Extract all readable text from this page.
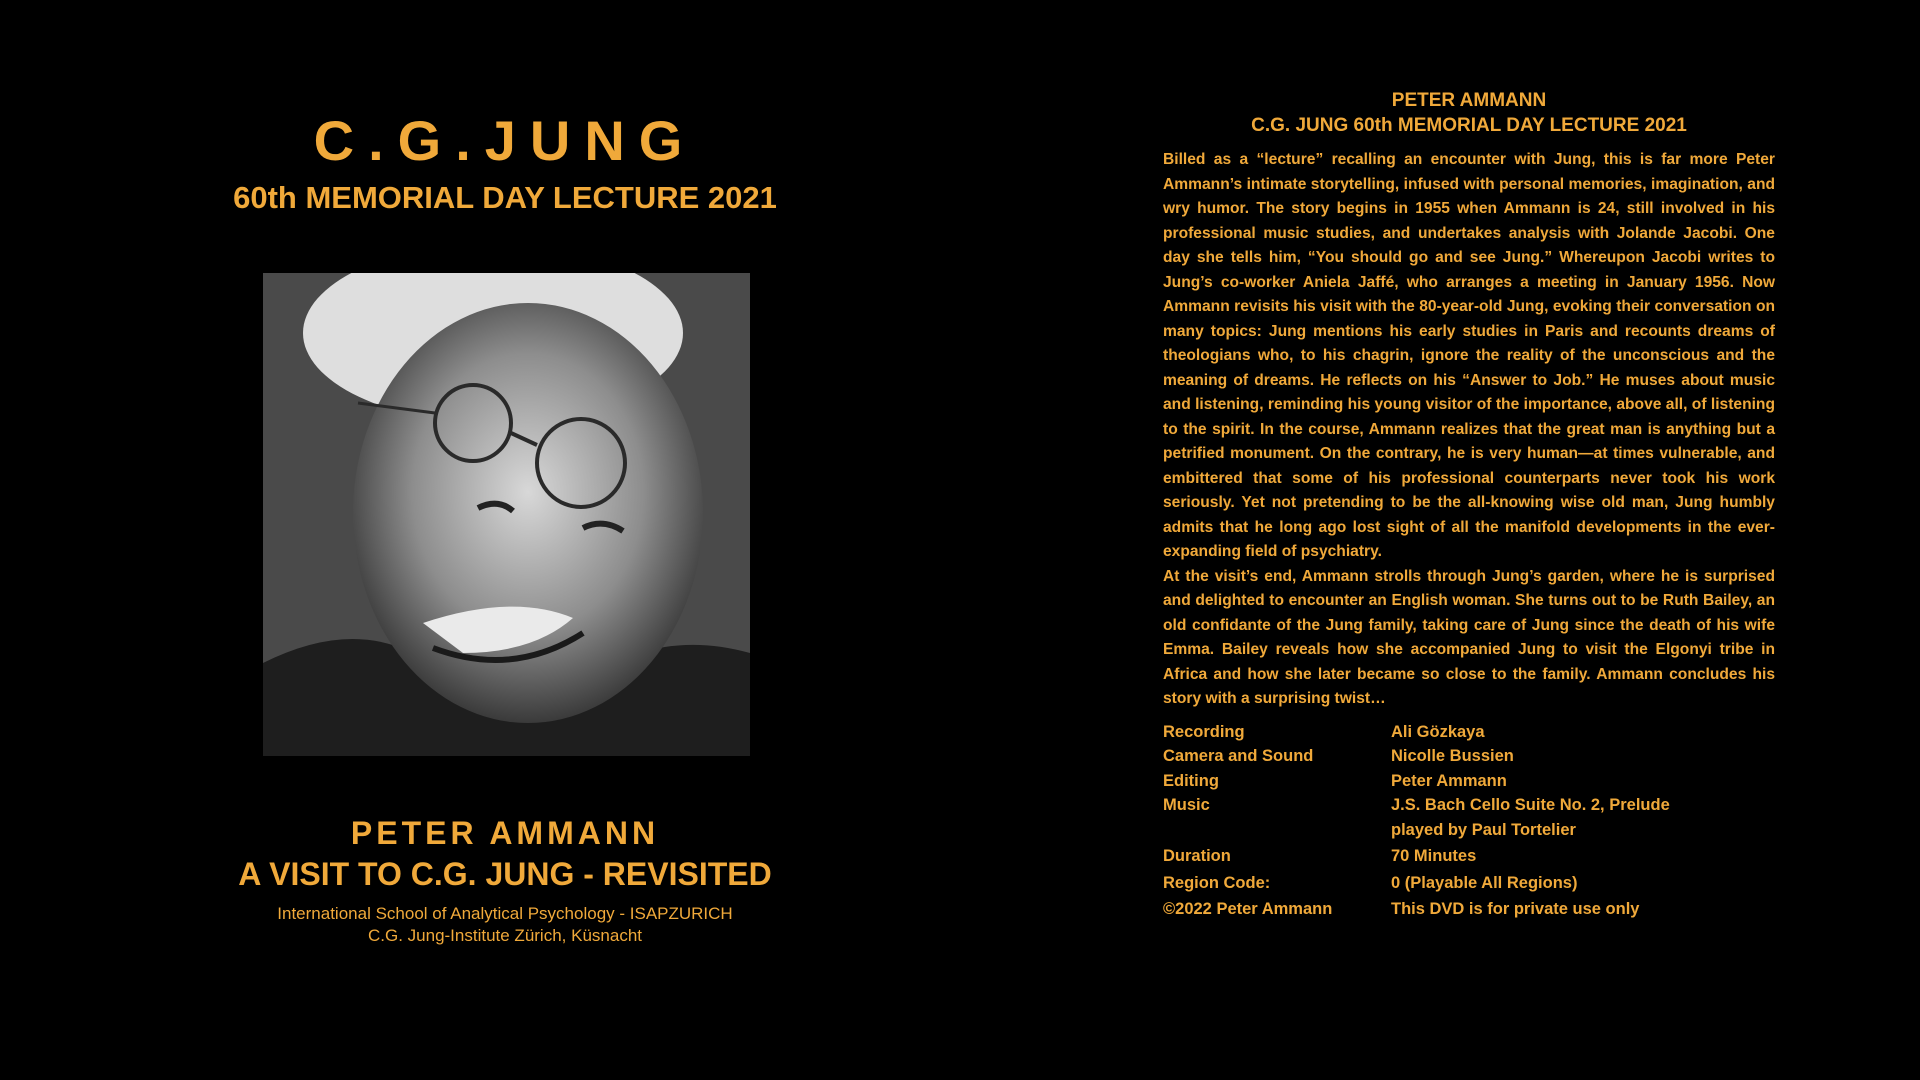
C.G.JUNG
60th MEMORIAL DAY LECTURE 2021
PETER AMMANN
A VISIT TO C.G. JUNG - REVISITED
International School of Analytical Psychology - ISAPZURICH
C.G. Jung-Institute Zürich, Küsnacht
PETER AMMANN
C.G. JUNG 60th MEMORIAL DAY LECTURE 2021

Billed as a “lecture” recalling an encounter with Jung, this is far more Peter Ammann’s intimate storytelling, infused with personal memories, imagination, and wry humor. The story begins in 1955 when Ammann is 24, still involved in his professional music studies, and undertakes analysis with Jolande Jacobi. One day she tells him, “You should go and see Jung.” Whereupon Jacobi writes to Jung’s co-worker Aniela Jaffé, who arranges a meeting in January 1956. Now Ammann revisits his visit with the 80-year-old Jung, evoking their conversation on many topics: Jung mentions his early studies in Paris and recounts dreams of theologians who, to his chagrin, ignore the reality of the unconscious and the meaning of dreams. He reflects on his “Answer to Job.” He muses about music and listening, reminding his young visitor of the importance, above all, of listening to the spirit. In the course, Ammann realizes that the great man is anything but a petrified monument. On the contrary, he is very human—at times vulnerable, and embittered that some of his professional counterparts never took his work seriously. Yet not pretending to be the all-knowing wise old man, Jung humbly admits that he long ago lost sight of all the manifold developments in the ever-expanding field of psychiatry.

At the visit’s end, Ammann strolls through Jung’s garden, where he is surprised and delighted to encounter an English woman. She turns out to be Ruth Bailey, an old confidante of the Jung family, taking care of Jung since the death of his wife Emma. Bailey reveals how she accompanied Jung to visit the Elgonyi tribe in Africa and how she later became so close to the family. Ammann concludes his story with a surprising twist…

Recording	Ali Gözkaya
Camera and Sound	Nicolle Bussien
Editing	Peter Ammann
Music	J.S. Bach Cello Suite No. 2, Prelude
	played by Paul Tortelier
Duration	70 Minutes
Region Code:	0 (Playable All Regions)
©2022 Peter Ammann	This DVD is for private use only
